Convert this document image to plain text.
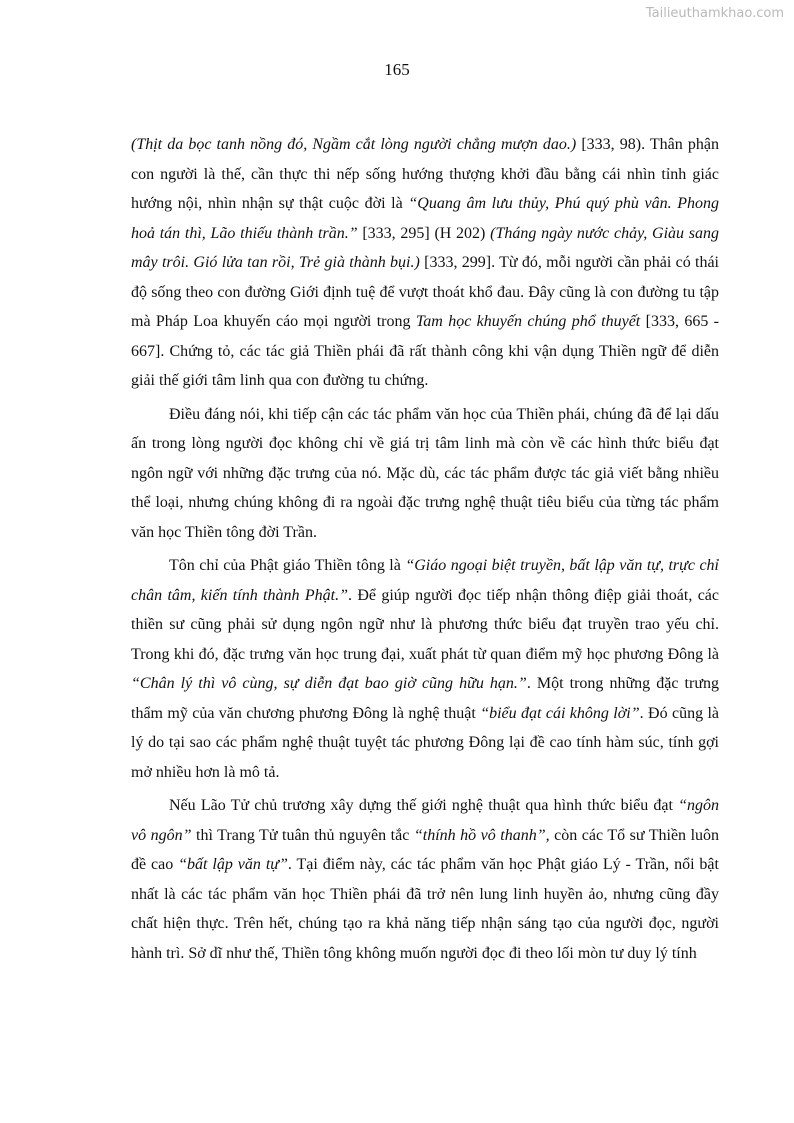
Tailieuthamkhao.com
165

(Thịt da bọc tanh nồng đó, Ngầm cắt lòng người chẳng mượn dao.) [333, 98). Thân phận con người là thế, cần thực thi nếp sống hướng thượng khởi đầu bằng cái nhìn tỉnh giác hướng nội, nhìn nhận sự thật cuộc đời là “Quang âm lưu thủy, Phú quý phù vân. Phong hoả tán thì, Lão thiếu thành trần.” [333, 295] (H 202) (Tháng ngày nước chảy, Giàu sang mây trôi. Gió lửa tan rồi, Trẻ già thành bụi.) [333, 299]. Từ đó, mỗi người cần phải có thái độ sống theo con đường Giới định tuệ để vượt thoát khổ đau. Đây cũng là con đường tu tập mà Pháp Loa khuyến cáo mọi người trong Tam học khuyến chúng phổ thuyết [333, 665 - 667]. Chứng tỏ, các tác giả Thiền phái đã rất thành công khi vận dụng Thiền ngữ để diễn giải thế giới tâm linh qua con đường tu chứng.

Điều đáng nói, khi tiếp cận các tác phẩm văn học của Thiền phái, chúng đã để lại dấu ấn trong lòng người đọc không chỉ về giá trị tâm linh mà còn về các hình thức biểu đạt ngôn ngữ với những đặc trưng của nó. Mặc dù, các tác phẩm được tác giả viết bằng nhiều thể loại, nhưng chúng không đi ra ngoài đặc trưng nghệ thuật tiêu biểu của từng tác phẩm văn học Thiền tông đời Trần.

Tôn chỉ của Phật giáo Thiền tông là “Giáo ngoại biệt truyền, bất lập văn tự, trực chỉ chân tâm, kiến tính thành Phật.”. Để giúp người đọc tiếp nhận thông điệp giải thoát, các thiền sư cũng phải sử dụng ngôn ngữ như là phương thức biểu đạt truyền trao yếu chỉ. Trong khi đó, đặc trưng văn học trung đại, xuất phát từ quan điểm mỹ học phương Đông là “Chân lý thì vô cùng, sự diễn đạt bao giờ cũng hữu hạn.”. Một trong những đặc trưng thẩm mỹ của văn chương phương Đông là nghệ thuật “biểu đạt cái không lời”. Đó cũng là lý do tại sao các phẩm nghệ thuật tuyệt tác phương Đông lại đề cao tính hàm súc, tính gợi mở nhiều hơn là mô tả.

Nếu Lão Tử chủ trương xây dựng thế giới nghệ thuật qua hình thức biểu đạt “ngôn vô ngôn” thì Trang Tử tuân thủ nguyên tắc “thính hồ vô thanh”, còn các Tổ sư Thiền luôn đề cao “bất lập văn tự”. Tại điểm này, các tác phẩm văn học Phật giáo Lý - Trần, nổi bật nhất là các tác phẩm văn học Thiền phái đã trở nên lung linh huyền ảo, nhưng cũng đầy chất hiện thực. Trên hết, chúng tạo ra khả năng tiếp nhận sáng tạo của người đọc, người hành trì. Sở dĩ như thế, Thiền tông không muốn người đọc đi theo lối mòn tư duy lý tính
